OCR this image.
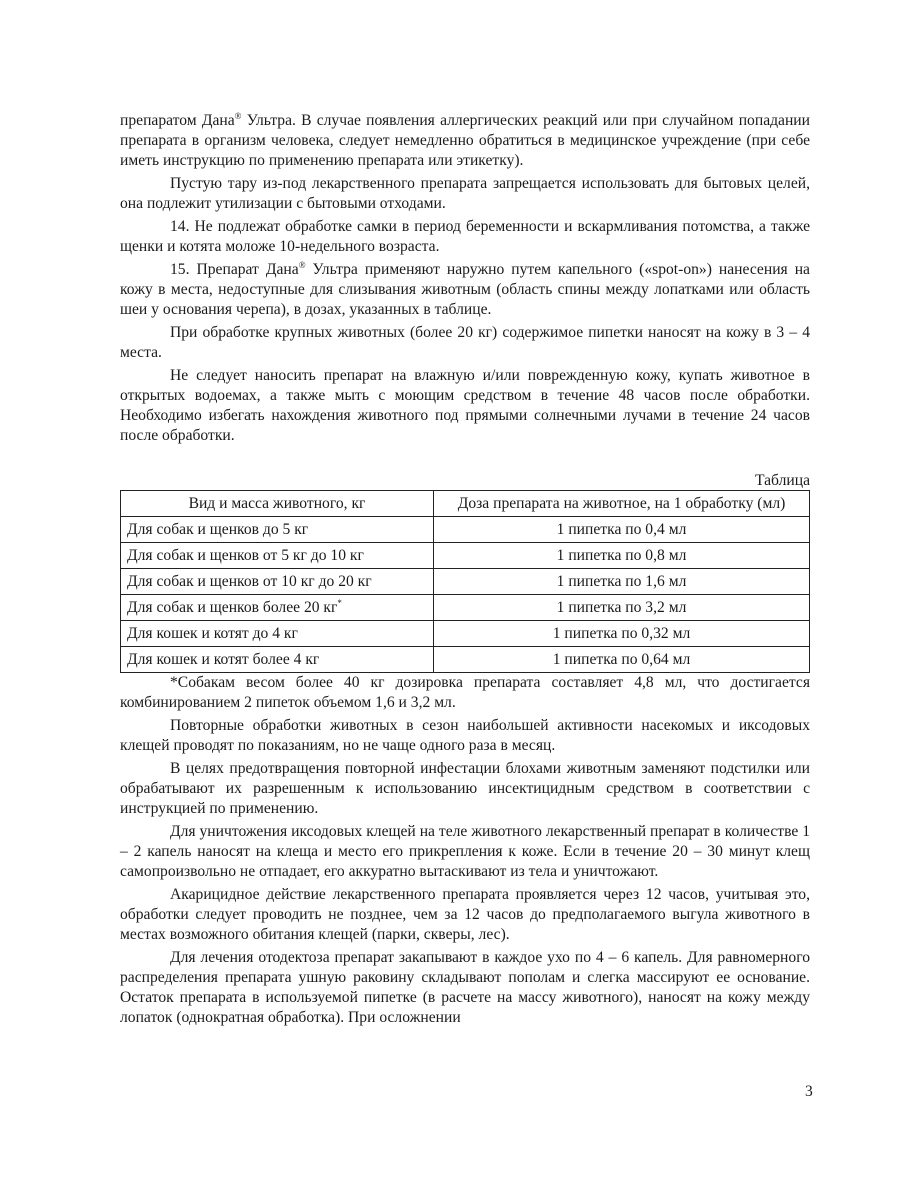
препаратом Дана® Ультра. В случае появления аллергических реакций или при случайном попадании препарата в организм человека, следует немедленно обратиться в медицинское учреждение (при себе иметь инструкцию по применению препарата или этикетку).

Пустую тару из-под лекарственного препарата запрещается использовать для бытовых целей, она подлежит утилизации с бытовыми отходами.

14. Не подлежат обработке самки в период беременности и вскармливания потомства, а также щенки и котята моложе 10-недельного возраста.

15. Препарат Дана® Ультра применяют наружно путем капельного («spot-on») нанесения на кожу в места, недоступные для слизывания животным (область спины между лопатками или область шеи у основания черепа), в дозах, указанных в таблице.

При обработке крупных животных (более 20 кг) содержимое пипетки наносят на кожу в 3 – 4 места.

Не следует наносить препарат на влажную и/или поврежденную кожу, купать животное в открытых водоемах, а также мыть с моющим средством в течение 48 часов после обработки. Необходимо избегать нахождения животного под прямыми солнечными лучами в течение 24 часов после обработки.

Таблица

Вид и масса животного, кг	Доза препарата на животное, на 1 обработку (мл)
Для собак и щенков до 5 кг	1 пипетка по 0,4 мл
Для собак и щенков от 5 кг до 10 кг	1 пипетка по 0,8 мл
Для собак и щенков от 10 кг до 20 кг	1 пипетка по 1,6 мл
Для собак и щенков более 20 кг*	1 пипетка по 3,2 мл
Для кошек и котят до 4 кг	1 пипетка по 0,32 мл
Для кошек и котят более 4 кг	1 пипетка по 0,64 мл

*Собакам весом более 40 кг дозировка препарата составляет 4,8 мл, что достигается комбинированием 2 пипеток объемом 1,6 и 3,2 мл.

Повторные обработки животных в сезон наибольшей активности насекомых и иксодовых клещей проводят по показаниям, но не чаще одного раза в месяц.

В целях предотвращения повторной инфестации блохами животным заменяют подстилки или обрабатывают их разрешенным к использованию инсектицидным средством в соответствии с инструкцией по применению.

Для уничтожения иксодовых клещей на теле животного лекарственный препарат в количестве 1 – 2 капель наносят на клеща и место его прикрепления к коже. Если в течение 20 – 30 минут клещ самопроизвольно не отпадает, его аккуратно вытаскивают из тела и уничтожают.

Акарицидное действие лекарственного препарата проявляется через 12 часов, учитывая это, обработки следует проводить не позднее, чем за 12 часов до предполагаемого выгула животного в местах возможного обитания клещей (парки, скверы, лес).

Для лечения отодектоза препарат закапывают в каждое ухо по 4 – 6 капель. Для равномерного распределения препарата ушную раковину складывают пополам и слегка массируют ее основание. Остаток препарата в используемой пипетке (в расчете на массу животного), наносят на кожу между лопаток (однократная обработка). При осложнении

3
